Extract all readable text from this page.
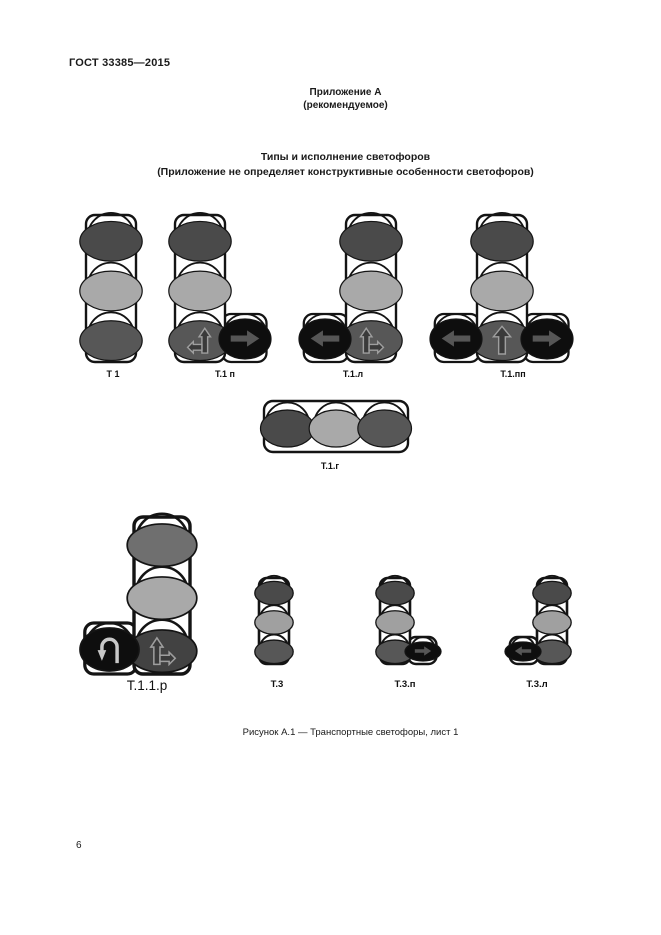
ГОСТ 33385—2015
Приложение А
(рекомендуемое)
Типы и исполнение светофоров
(Приложение не определяет конструктивные особенности светофоров)
Т 1	Т.1 п	Т.1.л	Т.1.пп
Т.1.г
Т.1.1.р	Т.3	Т.3.п	Т.3.л
Рисунок А.1 — Транспортные светофоры, лист 1
6
